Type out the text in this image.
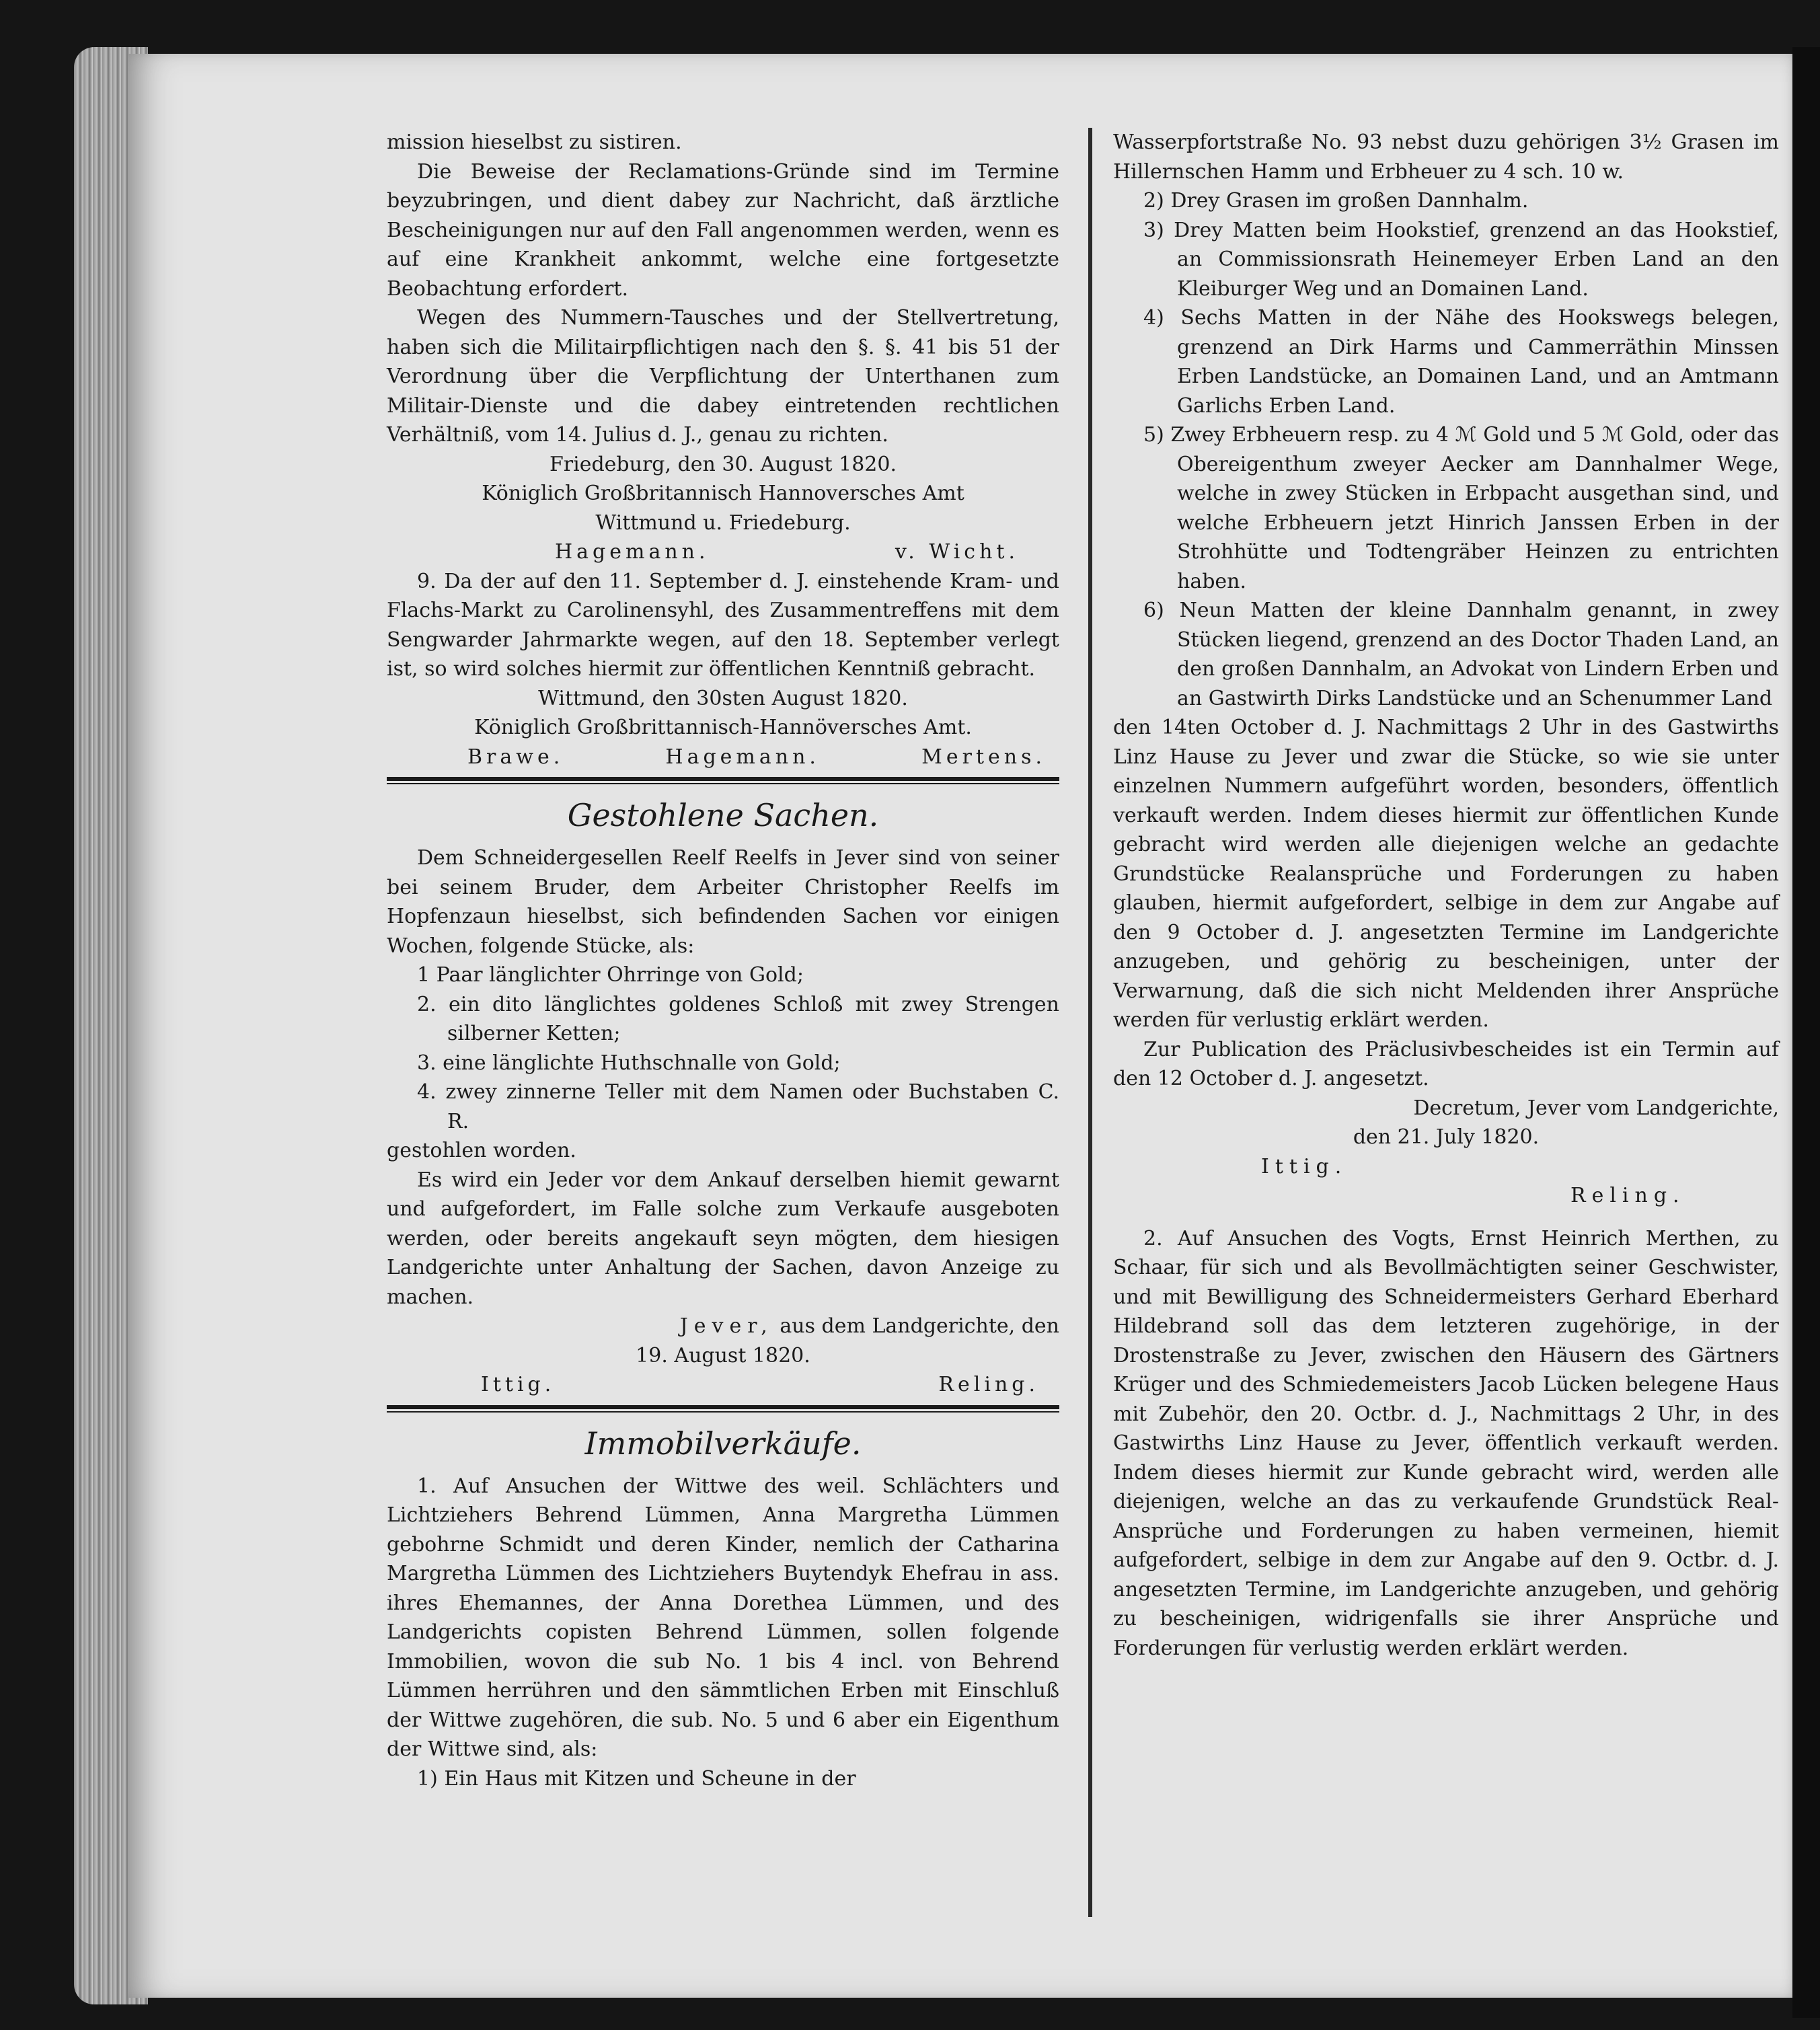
mission hieselbst zu sistiren.

Die Beweise der Reclamations-Gründe sind im Termine beyzubringen, und dient dabey zur Nachricht, daß ärztliche Bescheinigungen nur auf den Fall angenommen werden, wenn es auf eine Krankheit ankommt, welche eine fortgesetzte Beobachtung erfordert.

Wegen des Nummern-Tausches und der Stellvertretung, haben sich die Militairpflichtigen nach den §. §. 41 bis 51 der Verordnung über die Verpflichtung der Unterthanen zum Militair-Dienste und die dabey eintretenden rechtlichen Verhältniß, vom 14. Julius d. J., genau zu richten.

Friedeburg, den 30. August 1820.

Königlich Großbritannisch Hannoversches Amt

Wittmund u. Friedeburg.

Hagemann.	v. Wicht.

9. Da der auf den 11. September d. J. einstehende Kram- und Flachs-Markt zu Carolinensyhl, des Zusammentreffens mit dem Sengwarder Jahrmarkte wegen, auf den 18. September verlegt ist, so wird solches hiermit zur öffentlichen Kenntniß gebracht.

Wittmund, den 30sten August 1820.

Königlich Großbrittannisch-Hannöversches Amt.

Brawe.	Hagemann.	Mertens.
Gestohlene Sachen.

Dem Schneidergesellen Reelf Reelfs in Jever sind von seiner bei seinem Bruder, dem Arbeiter Christopher Reelfs im Hopfenzaun hieselbst, sich befindenden Sachen vor einigen Wochen, folgende Stücke, als:

1 Paar länglichter Ohrringe von Gold;

2. ein dito länglichtes goldenes Schloß mit zwey Strengen silberner Ketten;

3. eine länglichte Huthschnalle von Gold;

4. zwey zinnerne Teller mit dem Namen oder Buchstaben C. R.

gestohlen worden.

Es wird ein Jeder vor dem Ankauf derselben hiemit gewarnt und aufgefordert, im Falle solche zum Verkaufe ausgeboten werden, oder bereits angekauft seyn mögten, dem hiesigen Landgerichte unter Anhaltung der Sachen, davon Anzeige zu machen.

Jever, aus dem Landgerichte, den

19. August 1820.

Ittig.	Reling.
Immobilverkäufe.

1. Auf Ansuchen der Wittwe des weil. Schlächters und Lichtziehers Behrend Lümmen, Anna Margretha Lümmen gebohrne Schmidt und deren Kinder, nemlich der Catharina Margretha Lümmen des Lichtziehers Buytendyk Ehefrau in ass. ihres Ehemannes, der Anna Dorethea Lümmen, und des Landgerichts copisten Behrend Lümmen, sollen folgende Immobilien, wovon die sub No. 1 bis 4 incl. von Behrend Lümmen herrühren und den sämmtlichen Erben mit Einschluß der Wittwe zugehören, die sub. No. 5 und 6 aber ein Eigenthum der Wittwe sind, als:

1) Ein Haus mit Kitzen und Scheune in der

Wasserpfortstraße No. 93 nebst duzu gehörigen 3½ Grasen im Hillernschen Hamm und Erbheuer zu 4 sch. 10 w.

2) Drey Grasen im großen Dannhalm.

3) Drey Matten beim Hookstief, grenzend an das Hookstief, an Commissionsrath Heinemeyer Erben Land an den Kleiburger Weg und an Domainen Land.

4) Sechs Matten in der Nähe des Hookswegs belegen, grenzend an Dirk Harms und Cammerräthin Minssen Erben Landstücke, an Domainen Land, und an Amtmann Garlichs Erben Land.

5) Zwey Erbheuern resp. zu 4 ℳ Gold und 5 ℳ Gold, oder das Obereigenthum zweyer Aecker am Dannhalmer Wege, welche in zwey Stücken in Erbpacht ausgethan sind, und welche Erbheuern jetzt Hinrich Janssen Erben in der Strohhütte und Todtengräber Heinzen zu entrichten haben.

6) Neun Matten der kleine Dannhalm genannt, in zwey Stücken liegend, grenzend an des Doctor Thaden Land, an den großen Dannhalm, an Advokat von Lindern Erben und an Gastwirth Dirks Landstücke und an Schenummer Land

den 14ten October d. J. Nachmittags 2 Uhr in des Gastwirths Linz Hause zu Jever und zwar die Stücke, so wie sie unter einzelnen Nummern aufgeführt worden, besonders, öffentlich verkauft werden. Indem dieses hiermit zur öffentlichen Kunde gebracht wird werden alle diejenigen welche an gedachte Grundstücke Realansprüche und Forderungen zu haben glauben, hiermit aufgefordert, selbige in dem zur Angabe auf den 9 October d. J. angesetzten Termine im Landgerichte anzugeben, und gehörig zu bescheinigen, unter der Verwarnung, daß die sich nicht Meldenden ihrer Ansprüche werden für verlustig erklärt werden.

Zur Publication des Präclusivbescheides ist ein Termin auf den 12 October d. J. angesetzt.

Decretum, Jever vom Landgerichte,

den 21. July 1820.

Ittig.

Reling.

2. Auf Ansuchen des Vogts, Ernst Heinrich Merthen, zu Schaar, für sich und als Bevollmächtigten seiner Geschwister, und mit Bewilligung des Schneidermeisters Gerhard Eberhard Hildebrand soll das dem letzteren zugehörige, in der Drostenstraße zu Jever, zwischen den Häusern des Gärtners Krüger und des Schmiedemeisters Jacob Lücken belegene Haus mit Zubehör, den 20. Octbr. d. J., Nachmittags 2 Uhr, in des Gastwirths Linz Hause zu Jever, öffentlich verkauft werden. Indem dieses hiermit zur Kunde gebracht wird, werden alle diejenigen, welche an das zu verkaufende Grundstück Real-Ansprüche und Forderungen zu haben vermeinen, hiemit aufgefordert, selbige in dem zur Angabe auf den 9. Octbr. d. J. angesetzten Termine, im Landgerichte anzugeben, und gehörig zu bescheinigen, widrigenfalls sie ihrer Ansprüche und Forderungen für verlustig werden erklärt werden.
